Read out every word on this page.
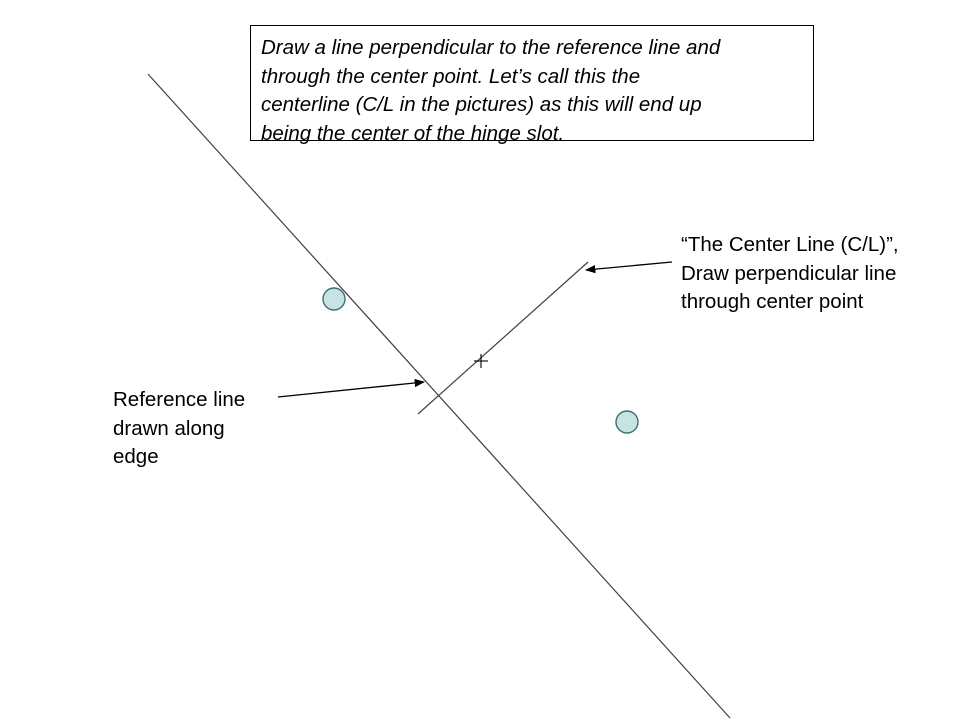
Draw a line perpendicular to the reference line and
through the center point. Let’s call this the
centerline (C/L in the pictures) as this will end up
being the center of the hinge slot.
“The Center Line (C/L)”,
Draw perpendicular line
through center point
Reference line
drawn along
edge
